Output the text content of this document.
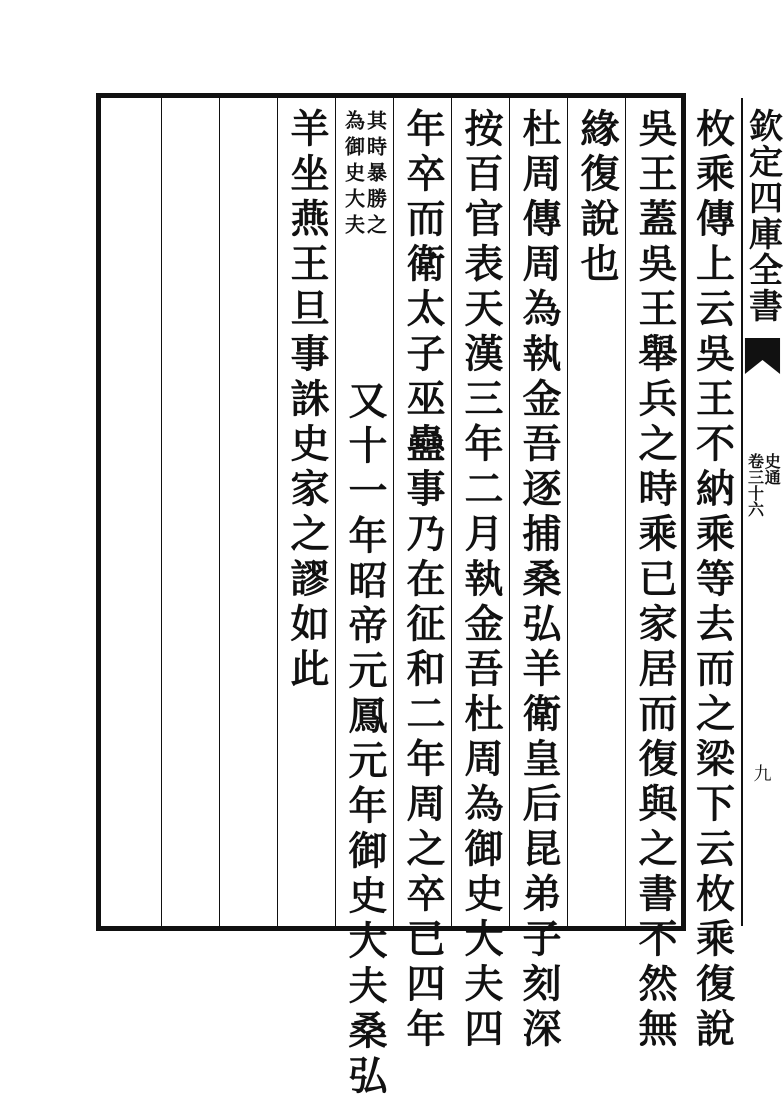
欽定四庫全書
史通
卷三十六
九
枚乘傳上云吳王不納乘等去而之梁下云枚乘復說
吳王蓋吳王舉兵之時乘已家居而復與之書不然無
緣復說也
杜周傳周為執金吾逐捕桑弘羊衛皇后昆弟子刻深
按百官表天漢三年二月執金吾杜周為御史大夫四
年卒而衛太子巫蠱事乃在征和二年周之卒已四年
其時暴勝之
為御史大夫
又十一年昭帝元鳳元年御史大夫桑弘
羊坐燕王旦事誅史家之謬如此
